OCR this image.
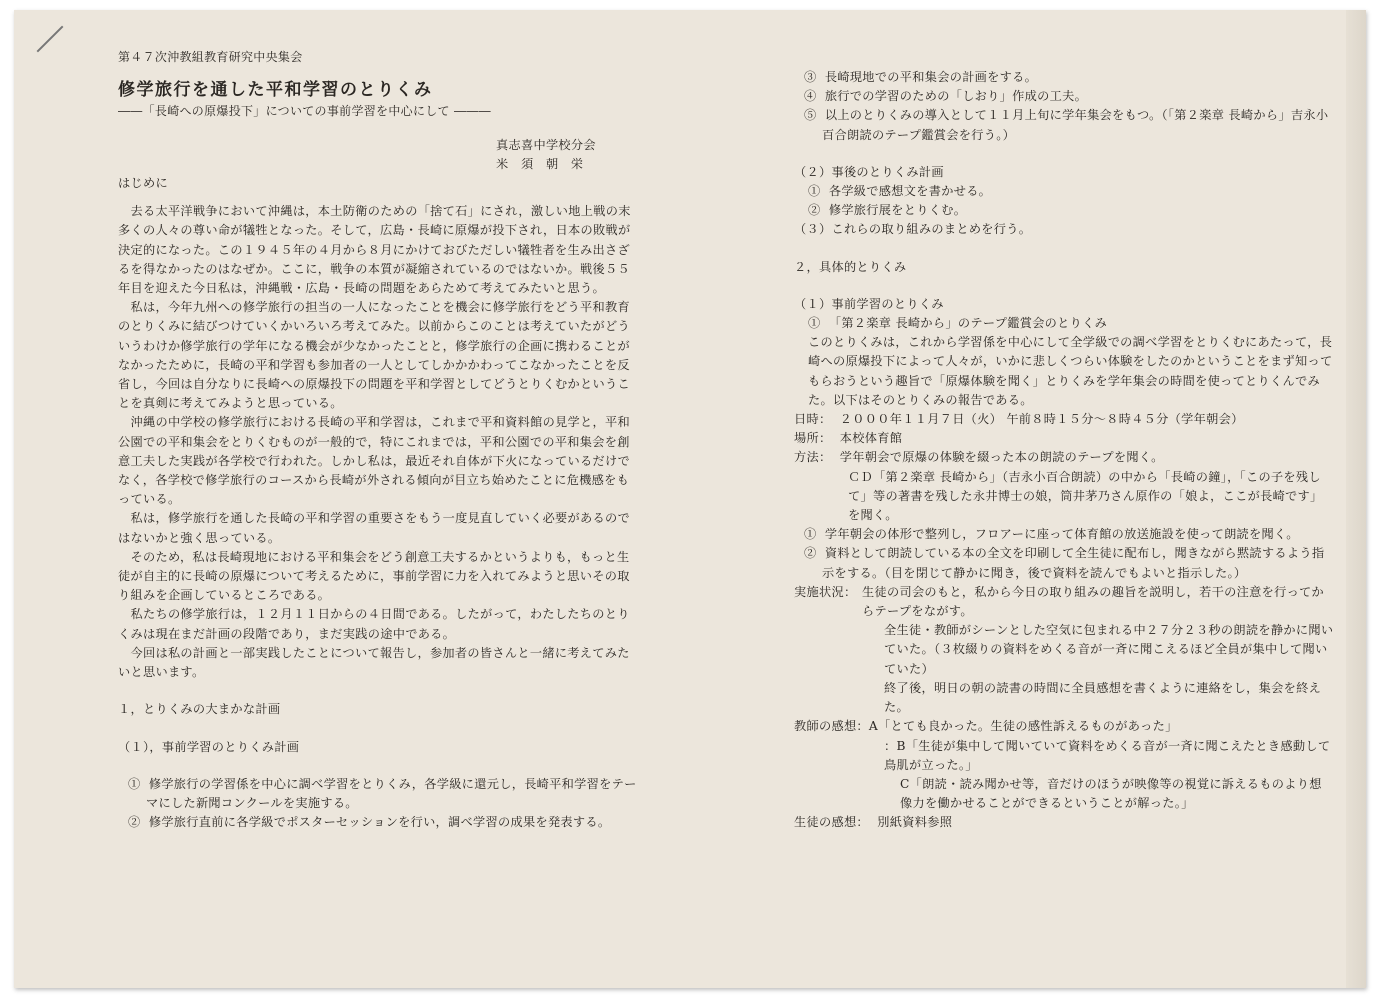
第４７次沖教組教育研究中央集会

修学旅行を通した平和学習のとりくみ

――「長崎への原爆投下」についての事前学習を中心にして ―――

真志喜中学校分会

米　須　朝　栄

はじめに

　去る太平洋戦争において沖縄は，本土防衛のための「捨て石」にされ，激しい地上戦の末多くの人々の尊い命が犠牲となった。そして，広島・長崎に原爆が投下され，日本の敗戦が決定的になった。この１９４５年の４月から８月にかけておびただしい犠牲者を生み出さざるを得なかったのはなぜか。ここに，戦争の本質が凝縮されているのではないか。戦後５５年目を迎えた今日私は，沖縄戦・広島・長崎の問題をあらためて考えてみたいと思う。

　私は，今年九州への修学旅行の担当の一人になったことを機会に修学旅行をどう平和教育のとりくみに結びつけていくかいろいろ考えてみた。以前からこのことは考えていたがどういうわけか修学旅行の学年になる機会が少なかったことと，修学旅行の企画に携わることがなかったために，長崎の平和学習も参加者の一人としてしかかかわってこなかったことを反省し，今回は自分なりに長崎への原爆投下の問題を平和学習としてどうとりくむかということを真剣に考えてみようと思っている。

　沖縄の中学校の修学旅行における長崎の平和学習は，これまで平和資料館の見学と，平和公園での平和集会をとりくむものが一般的で，特にこれまでは，平和公園での平和集会を創意工夫した実践が各学校で行われた。しかし私は，最近それ自体が下火になっているだけでなく，各学校で修学旅行のコースから長崎が外される傾向が目立ち始めたことに危機感をもっている。

　私は，修学旅行を通した長崎の平和学習の重要さをもう一度見直していく必要があるのではないかと強く思っている。

　そのため，私は長崎現地における平和集会をどう創意工夫するかというよりも，もっと生徒が自主的に長崎の原爆について考えるために，事前学習に力を入れてみようと思いその取り組みを企画しているところである。

　私たちの修学旅行は，１２月１１日からの４日間である。したがって，わたしたちのとりくみは現在まだ計画の段階であり，まだ実践の途中である。

　今回は私の計画と一部実践したことについて報告し，参加者の皆さんと一緒に考えてみたいと思います。

１，とりくみの大まかな計画

（１），事前学習のとりくみ計画

①  修学旅行の学習係を中心に調べ学習をとりくみ，各学級に還元し，長崎平和学習をテーマにした新聞コンクールを実施する。

②  修学旅行直前に各学級でポスターセッションを行い，調べ学習の成果を発表する。

③  長崎現地での平和集会の計画をする。

④  旅行での学習のための「しおり」作成の工夫。

⑤  以上のとりくみの導入として１１月上旬に学年集会をもつ。（「第２楽章 長崎から」吉永小百合朗読のテープ鑑賞会を行う。）

（２）事後のとりくみ計画

①  各学級で感想文を書かせる。

②  修学旅行展をとりくむ。

（３）これらの取り組みのまとめを行う。

２，具体的とりくみ

（１）事前学習のとりくみ

①  「第２楽章 長崎から」のテープ鑑賞会のとりくみ

このとりくみは，これから学習係を中心にして全学級での調べ学習をとりくむにあたって，長崎への原爆投下によって人々が，いかに悲しくつらい体験をしたのかということをまず知ってもらおうという趣旨で「原爆体験を聞く」とりくみを学年集会の時間を使ってとりくんでみた。以下はそのとりくみの報告である。

日時：  ２０００年１１月７日（火） 午前８時１５分～８時４５分（学年朝会）

場所：  本校体育館

方法：  学年朝会で原爆の体験を綴った本の朗読のテープを聞く。

ＣＤ「第２楽章 長崎から」（吉永小百合朗読）の中から「長崎の鐘」，「この子を残して」等の著書を残した永井博士の娘，筒井茅乃さん原作の「娘よ，ここが長崎です」を聞く。

①  学年朝会の体形で整列し，フロアーに座って体育館の放送施設を使って朗読を聞く。

②  資料として朗読している本の全文を印刷して全生徒に配布し，聞きながら黙読するよう指示をする。（目を閉じて静かに聞き，後で資料を読んでもよいと指示した。）

実施状況： 生徒の司会のもと，私から今日の取り組みの趣旨を説明し，若干の注意を行ってからテープをながす。

全生徒・教師がシーンとした空気に包まれる中２７分２３秒の朗読を静かに聞いていた。（３枚綴りの資料をめくる音が一斉に聞こえるほど全員が集中して聞いていた）

終了後，明日の朝の読書の時間に全員感想を書くように連絡をし，集会を終えた。

教師の感想：A「とても良かった。生徒の感性訴えるものがあった」

：B「生徒が集中して聞いていて資料をめくる音が一斉に聞こえたとき感動して鳥肌が立った。」

C「朗読・読み聞かせ等，音だけのほうが映像等の視覚に訴えるものより想像力を働かせることができるということが解った。」

生徒の感想：  別紙資料参照
